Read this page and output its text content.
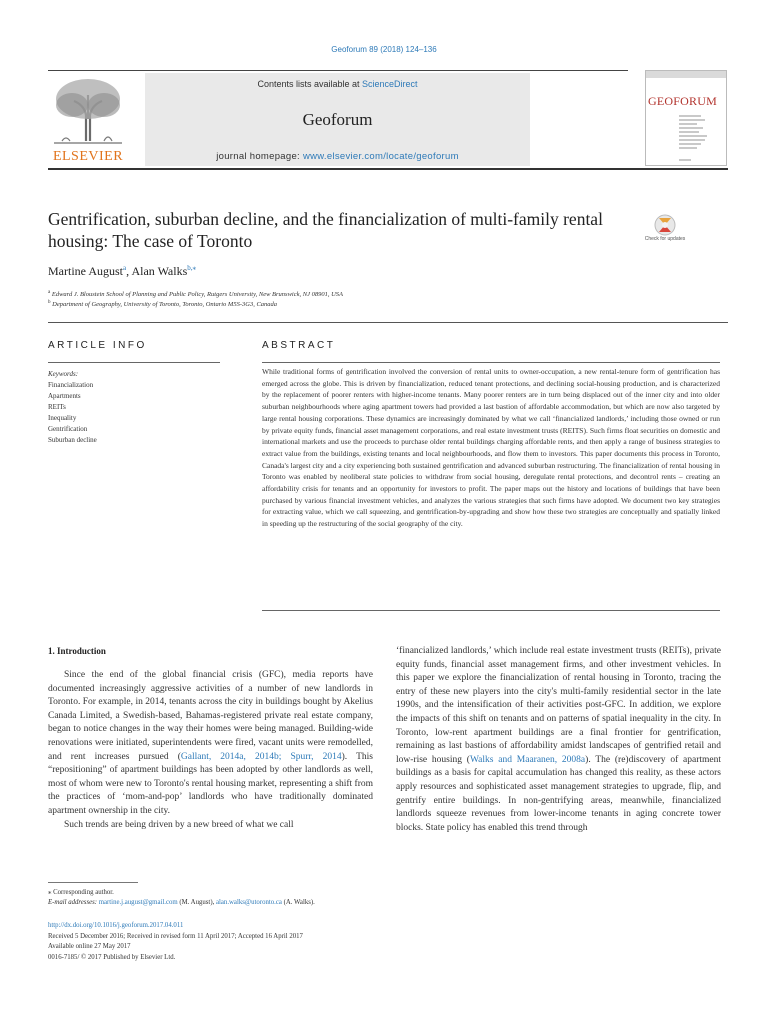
Geoforum 89 (2018) 124–136
ELSEVIER
Contents lists available at ScienceDirect
Geoforum
journal homepage: www.elsevier.com/locate/geoforum
GEOFORUM
Gentrification, suburban decline, and the financialization of multi-family rental housing: The case of Toronto	Check for updates
Martine August$^a$, Alan Walks$^{b,⁎}$
$^a$ Edward J. Bloustein School of Planning and Public Policy, Rutgers University, New Brunswick, NJ 08901, USA
$^b$ Department of Geography, University of Toronto, Toronto, Ontario M5S-3G3, Canada
ARTICLE INFO
Keywords:
Financialization
Apartments
REITs
Inequality
Gentrification
Suburban decline
ABSTRACT

While traditional forms of gentrification involved the conversion of rental units to owner-occupation, a new rental-tenure form of gentrification has emerged across the globe. This is driven by financialization, reduced tenant protections, and declining social-housing production, and is characterized by the replacement of poorer renters with higher-income tenants. Many poorer renters are in turn being displaced out of the inner city and into older suburban neighbourhoods where aging apartment towers had provided a last bastion of affordable accommodation, but which are now also targeted by large rental housing corporations. These dynamics are increasingly dominated by what we call ‘financialized landlords,’ including those owned or run by private equity funds, financial asset management corporations, and real estate investment trusts (REITS). Such firms float securities on domestic and international markets and use the proceeds to purchase older rental buildings charging affordable rents, and then apply a range of business strategies to extract value from the buildings, existing tenants and local neighbourhoods, and flow them to investors. This paper documents this process in Toronto, Canada's largest city and a city experiencing both sustained gentrification and advanced suburban restructuring. The financialization of rental housing in Toronto was enabled by neoliberal state policies to withdraw from social housing, deregulate rental protections, and decontrol rents – creating an affordability crisis for tenants and an opportunity for investors to profit. The paper maps out the history and locations of buildings that have been purchased by various financial investment vehicles, and analyzes the various strategies that such firms have adopted. We document two key strategies for extracting value, which we call squeezing, and gentrification-by-upgrading and show how these two strategies are conceptually and spatially linked in speeding up the restructuring of the social geography of the city.

1. Introduction

Since the end of the global financial crisis (GFC), media reports have documented increasingly aggressive activities of a number of new landlords in Toronto. For example, in 2014, tenants across the city in buildings bought by Akelius Canada Limited, a Swedish-based, Bahamas-registered private real estate company, began to notice changes in the way their homes were being managed. Building-wide renovations were initiated, superintendents were fired, vacant units were remodelled, and rent increases pursued (Gallant, 2014a, 2014b; Spurr, 2014). This “repositioning” of apartment buildings has been adopted by other landlords as well, most of whom were new to Toronto's rental housing market, representing a shift from the practices of ‘mom-and-pop’ landlords who have traditionally dominated apartment ownership in the city.

Such trends are being driven by a new breed of what we call

‘financialized landlords,’ which include real estate investment trusts (REITs), private equity funds, financial asset management firms, and other investment vehicles. In this paper we explore the financialization of rental housing in Toronto, tracing the entry of these new players into the city's multi-family residential sector in the late 1990s, and the intensification of their activities post-GFC. In addition, we explore the impacts of this shift on tenants and on patterns of spatial inequality in the city. In Toronto, low-rent apartment buildings are a final frontier for gentrification, remaining as last bastions of affordability amidst landscapes of gentrified retail and low-rise housing (Walks and Maaranen, 2008a). The (re)discovery of apartment buildings as a basis for capital accumulation has changed this reality, as these actors apply resources and sophisticated asset management strategies to upgrade, flip, and gentrify entire buildings. In non-gentrifying areas, meanwhile, financialized landlords squeeze revenues from lower-income tenants in aging concrete tower blocks. State policy has enabled this trend through

⁎ Corresponding author.
E-mail addresses: martine.j.august@gmail.com (M. August), alan.walks@utoronto.ca (A. Walks).
http://dx.doi.org/10.1016/j.geoforum.2017.04.011
Received 5 December 2016; Received in revised form 11 April 2017; Accepted 16 April 2017
Available online 27 May 2017
0016-7185/ © 2017 Published by Elsevier Ltd.
